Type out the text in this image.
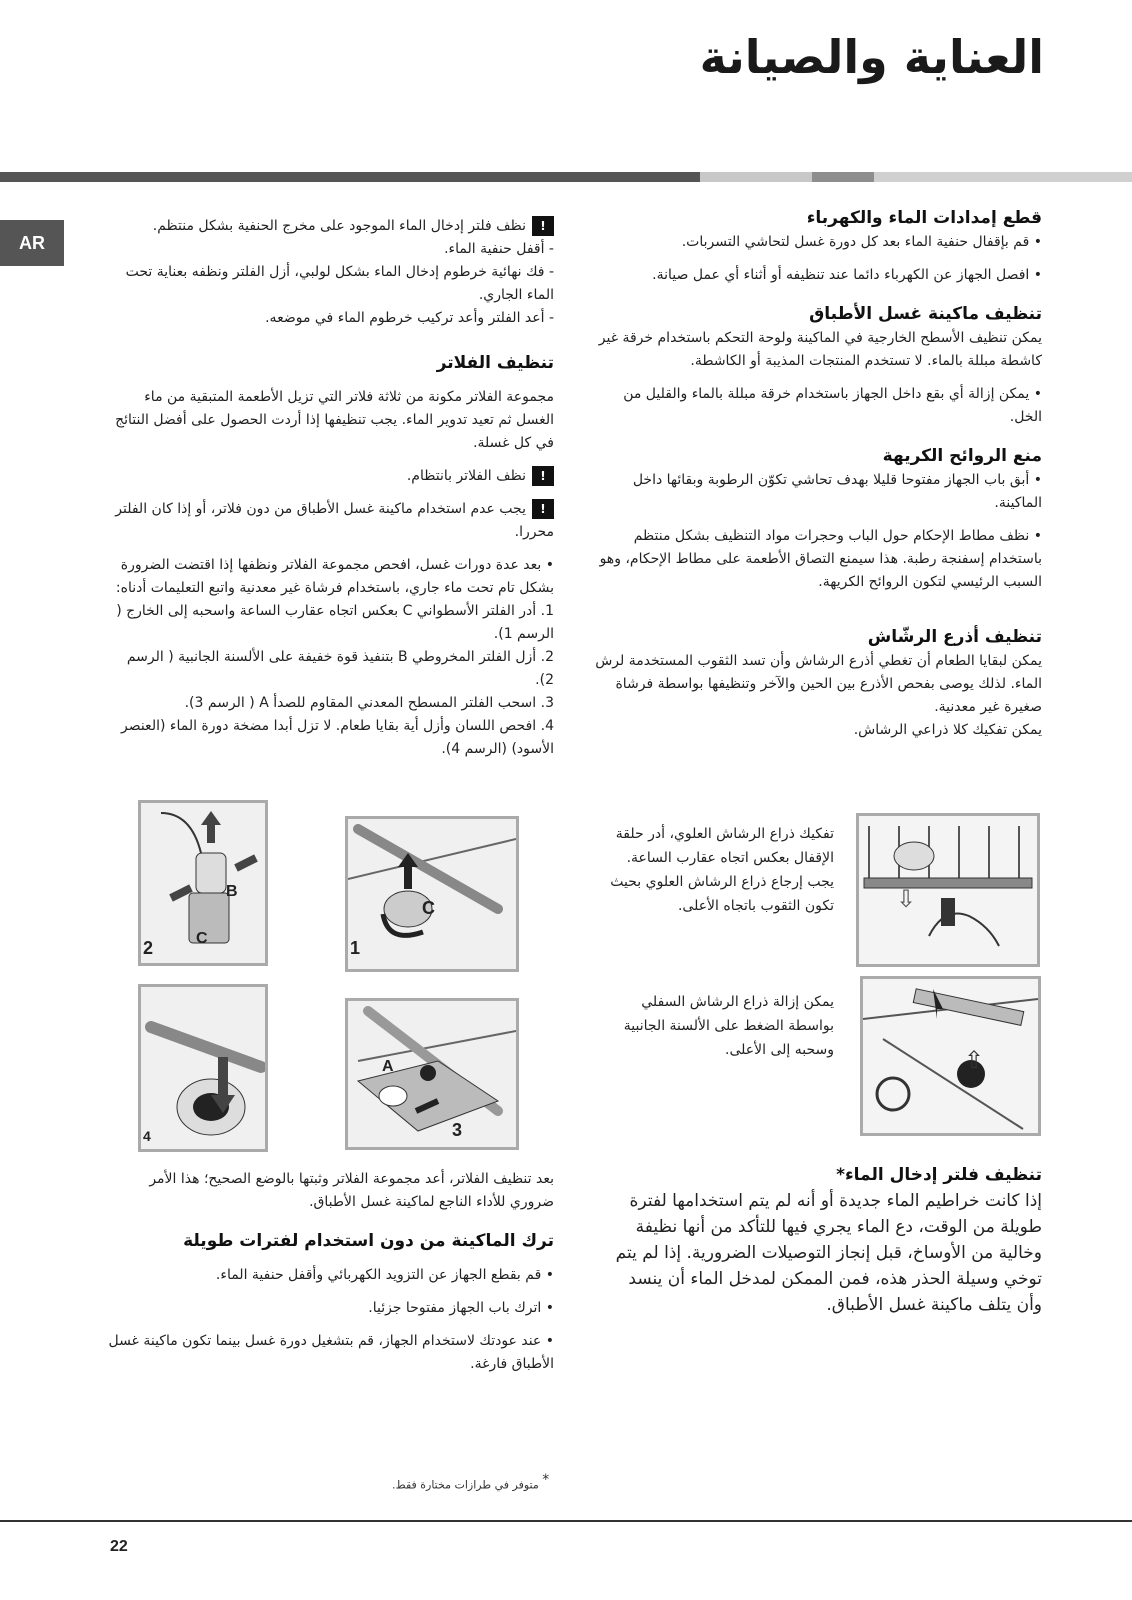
العناية والصيانة
AR
قطع إمدادات الماء والكهرباء

• قم بإقفال حنفية الماء بعد كل دورة غسل لتحاشي التسربات.

• افصل الجهاز عن الكهرباء دائما عند تنظيفه أو أثناء أي عمل صيانة.

تنظيف ماكينة غسل الأطباق

يمكن تنظيف الأسطح الخارجية في الماكينة ولوحة التحكم باستخدام خرقة غير كاشطة مبللة بالماء. لا تستخدم المنتجات المذيبة أو الكاشطة.

• يمكن إزالة أي بقع داخل الجهاز باستخدام خرقة مبللة بالماء والقليل من الخل.

منع الروائح الكريهة

• أبق باب الجهاز مفتوحا قليلا بهدف تحاشي تكوّن الرطوبة وبقائها داخل الماكينة.

• نظف مطاط الإحكام حول الباب وحجرات مواد التنظيف بشكل منتظم باستخدام إسفنجة رطبة. هذا سيمنع التصاق الأطعمة على مطاط الإحكام، وهو السبب الرئيسي لتكون الروائح الكريهة.

تنظيف أذرع الرشّاش

يمكن لبقايا الطعام أن تغطي أذرع الرشاش وأن تسد الثقوب المستخدمة لرش الماء. لذلك يوصى بفحص الأذرع بين الحين والآخر وتنظيفها بواسطة فرشاة صغيرة غير معدنية.

يمكن تفكيك كلا ذراعي الرشاش.

⇩
تفكيك ذراع الرشاش العلوي، أدر حلقة الإقفال بعكس اتجاه عقارب الساعة. يجب إرجاع ذراع الرشاش العلوي بحيث تكون الثقوب باتجاه الأعلى.
⇧
يمكن إزالة ذراع الرشاش السفلي بواسطة الضغط على الألسنة الجانبية وسحبه إلى الأعلى.
تنظيف فلتر إدخال الماء*

إذا كانت خراطيم الماء جديدة أو أنه لم يتم استخدامها لفترة طويلة من الوقت، دع الماء يجري فيها للتأكد من أنها نظيفة وخالية من الأوساخ، قبل إنجاز التوصيلات الضرورية. إذا لم يتم توخي وسيلة الحذر هذه، فمن الممكن لمدخل الماء أن ينسد وأن يتلف ماكينة غسل الأطباق.

!نظف فلتر إدخال الماء الموجود على مخرج الحنفية بشكل منتظم.

- أقفل حنفية الماء.

- فك نهائية خرطوم إدخال الماء بشكل لولبي، أزل الفلتر ونظفه بعناية تحت الماء الجاري.

- أعد الفلتر وأعد تركيب خرطوم الماء في موضعه.

تنظيف الفلاتر

مجموعة الفلاتر مكونة من ثلاثة فلاتر التي تزيل الأطعمة المتبقية من ماء الغسل ثم تعيد تدوير الماء. يجب تنظيفها إذا أردت الحصول على أفضل النتائج في كل غسلة.

!نظف الفلاتر بانتظام.

!يجب عدم استخدام ماكينة غسل الأطباق من دون فلاتر، أو إذا كان الفلتر محررا.

• بعد عدة دورات غسل، افحص مجموعة الفلاتر ونظفها إذا اقتضت الضرورة بشكل تام تحت ماء جاري، باستخدام فرشاة غير معدنية واتبع التعليمات أدناه:

1. أدر الفلتر الأسطواني C بعكس اتجاه عقارب الساعة واسحبه إلى الخارج ( الرسم 1).

2. أزل الفلتر المخروطي B بتنفيذ قوة خفيفة على الألسنة الجانبية ( الرسم 2).

3. اسحب الفلتر المسطح المعدني المقاوم للصدأ A ( الرسم 3).

4. افحص اللسان وأزل أية بقايا طعام. لا تزل أبدا مضخة دورة الماء (العنصر الأسود) (الرسم 4).

1
C
2
B
C
3
A
4

بعد تنظيف الفلاتر، أعد مجموعة الفلاتر وثبتها بالوضع الصحيح؛ هذا الأمر ضروري للأداء الناجع لماكينة غسل الأطباق.

ترك الماكينة من دون استخدام لفترات طويلة

• قم بقطع الجهاز عن التزويد الكهربائي وأقفل حنفية الماء.

• اترك باب الجهاز مفتوحا جزئيا.

• عند عودتك لاستخدام الجهاز، قم بتشغيل دورة غسل بينما تكون ماكينة غسل الأطباق فارغة.

* متوفر في طرازات مختارة فقط.
22
